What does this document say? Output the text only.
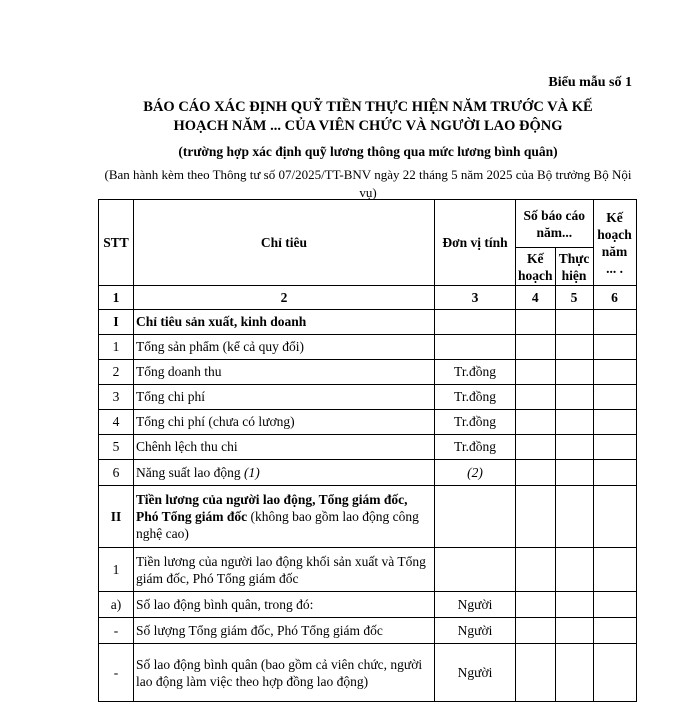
Biểu mẫu số 1
BÁO CÁO XÁC ĐỊNH QUỸ TIỀN THỰC HIỆN NĂM TRƯỚC VÀ KẾ
HOẠCH NĂM ... CỦA VIÊN CHỨC VÀ NGƯỜI LAO ĐỘNG
(trường hợp xác định quỹ lương thông qua mức lương bình quân)
(Ban hành kèm theo Thông tư số 07/2025/TT-BNV ngày 22 tháng 5 năm 2025 của Bộ trưởng Bộ Nội vụ)
STT	Chỉ tiêu	Đơn vị tính	Số báo cáo năm...		Kế hoạch năm ... .
			Kế hoạch	Thực hiện	
1	2	3	4	5	6
I	Chỉ tiêu sản xuất, kinh doanh				
1	Tổng sản phẩm (kể cả quy đổi)				
2	Tổng doanh thu	Tr.đồng			
3	Tổng chi phí	Tr.đồng			
4	Tổng chi phí (chưa có lương)	Tr.đồng			
5	Chênh lệch thu chi	Tr.đồng			
6	Năng suất lao động (1)	(2)			
II	Tiền lương của người lao động, Tổng giám đốc, Phó Tổng giám đốc (không bao gồm lao động công nghệ cao)				
1	Tiền lương của người lao động khối sản xuất và Tổng giám đốc, Phó Tổng giám đốc				
a)	Số lao động bình quân, trong đó:	Người			
-	Số lượng Tổng giám đốc, Phó Tổng giám đốc	Người			
-	Số lao động bình quân (bao gồm cả viên chức, người lao động làm việc theo hợp đồng lao động)	Người			
